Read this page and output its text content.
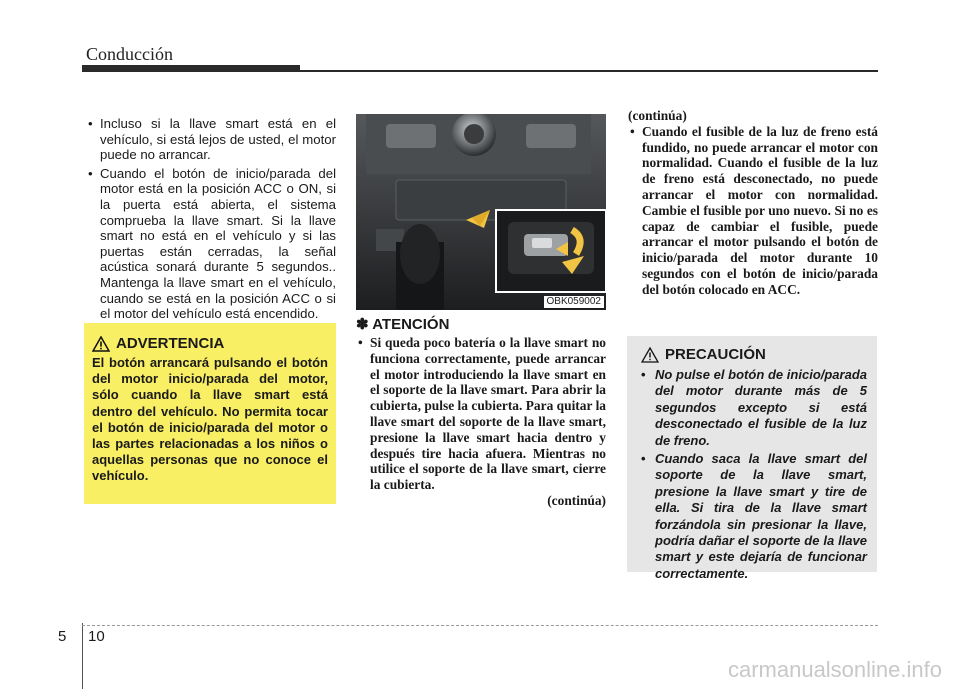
Conducción
• Incluso si la llave smart está en el vehículo, si está lejos de usted, el motor puede no arrancar.
• Cuando el botón de inicio/parada del motor está en la posición ACC o ON, si la puerta está abierta, el sistema comprueba la llave smart. Si la llave smart no está en el vehículo y si las puertas están cerradas, la señal acústica sonará durante 5 segundos.. Mantenga la llave smart en el vehículo, cuando se está en la posición ACC o si el motor del vehículo está encendido.
ADVERTENCIA
El botón arrancará pulsando el botón del motor inicio/parada del motor, sólo cuando la llave smart está dentro del vehículo. No permita tocar el botón de inicio/parada del motor o las partes relacionadas a los niños o aquellas personas que no conoce el vehículo.
OBK059002
✽ ATENCIÓN
• Si queda poco batería o la llave smart no funciona correctamente, puede arrancar el motor introduciendo la llave smart en el soporte de la llave smart. Para abrir la cubierta, pulse la cubierta. Para quitar la llave smart del soporte de la llave smart, presione la llave smart hacia dentro y después tire hacia afuera. Mientras no utilice el soporte de la llave smart, cierre la cubierta.
(continúa)
(continúa)
• Cuando el fusible de la luz de freno está fundido, no puede arrancar el motor con normalidad. Cuando el fusible de la luz de freno está desconectado, no puede arrancar el motor con normalidad. Cambie el fusible por uno nuevo. Si no es capaz de cambiar el fusible, puede arrancar el motor pulsando el botón de inicio/parada del motor durante 10 segundos con el botón de inicio/parada del botón colocado en ACC.
PRECAUCIÓN
• No pulse el botón de inicio/parada del motor durante más de 5 segundos excepto si está desconectado el fusible de la luz de freno.
• Cuando saca la llave smart del soporte de la llave smart, presione la llave smart y tire de ella. Si tira de la llave smart forzándola sin presionar la llave, podría dañar el soporte de la llave smart y este dejaría de funcionar correctamente.
5 10
carmanualsonline.info
